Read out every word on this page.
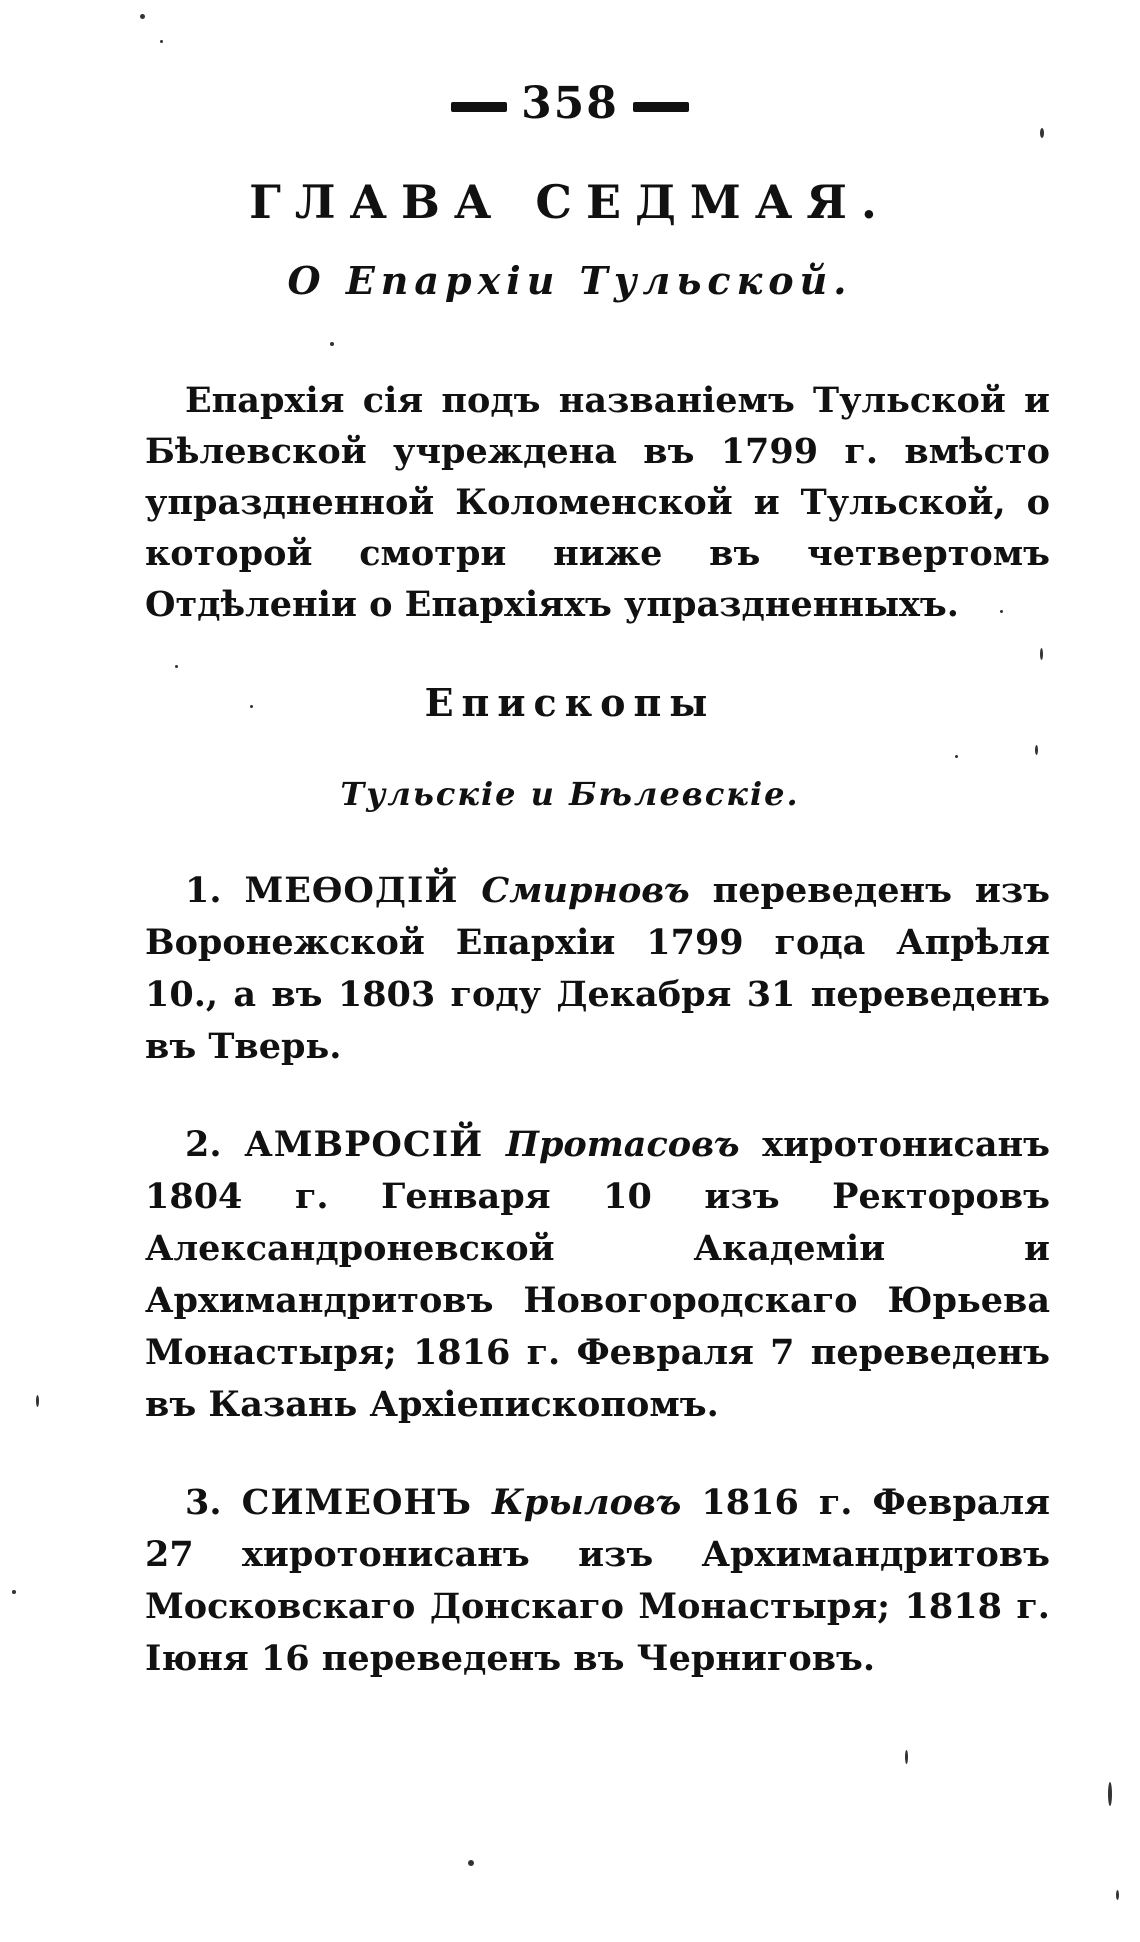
358
ГЛАВА СЕДМАЯ.
О Епархіи Тульской.

Епархія сія подъ названіемъ Тульской и Бѣлевской учреждена въ 1799 г. вмѣсто упраздненной Коломенской и Тульской, о которой смотри ниже въ четвертомъ Отдѣленіи о Епархіяхъ упраздненныхъ.

Епископы
Тульскіе и Бѣлевскіе.

1. МЕѲОДІЙ Смирновъ переведенъ изъ Воронежской Епархіи 1799 года Апрѣля 10., а въ 1803 году Декабря 31 переведенъ въ Тверь.

2. АМВРОСІЙ Протасовъ хиротонисанъ 1804 г. Генваря 10 изъ Ректоровъ Александроневской Академіи и Архимандритовъ Новогородскаго Юрьева Монастыря; 1816 г. Февраля 7 переведенъ въ Казань Архіепископомъ.

3. СИМЕОНЪ Крыловъ 1816 г. Февраля 27 хиротонисанъ изъ Архимандритовъ Московскаго Донскаго Монастыря; 1818 г. Іюня 16 переведенъ въ Черниговъ.
